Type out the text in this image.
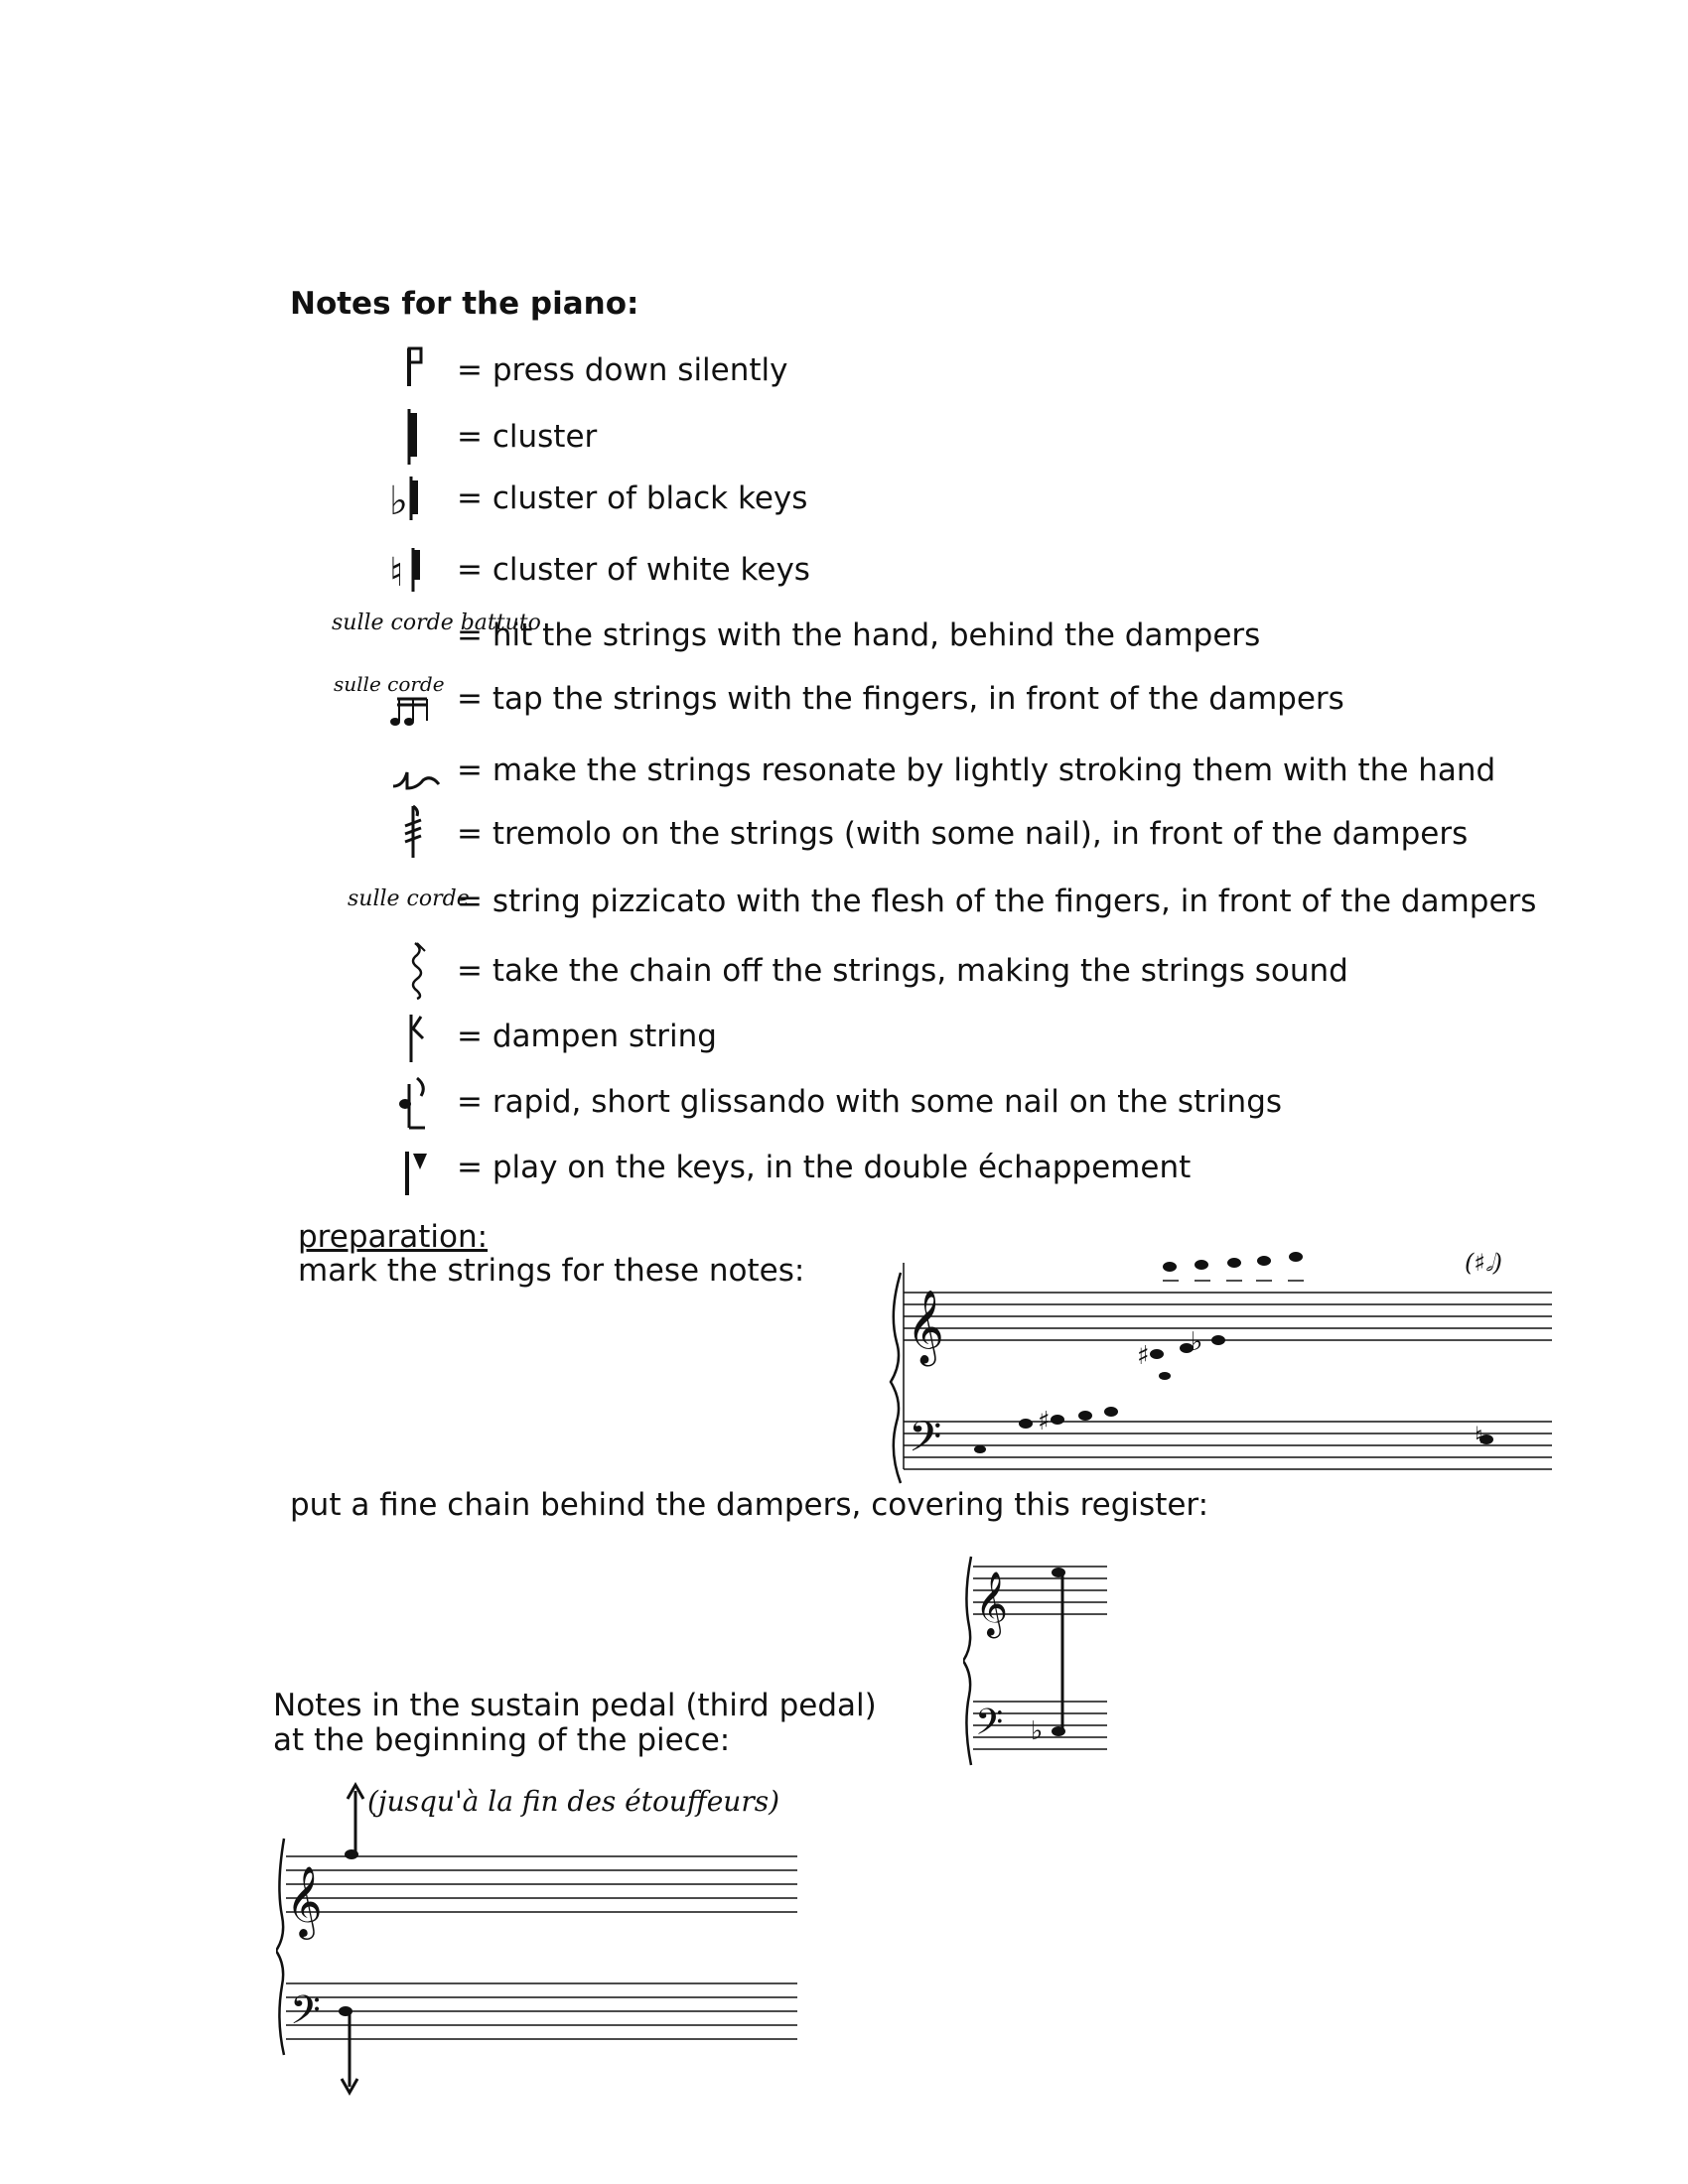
Notes for the piano:
= press down silently
= cluster
♭ = cluster of black keys
♮ = cluster of white keys
sulle corde battuto
= hit the strings with the hand, behind the dampers
sulle corde = tap the strings with the fingers, in front of the dampers
= make the strings resonate by lightly stroking them with the hand
= tremolo on the strings (with some nail), in front of the dampers
sulle corde
= string pizzicato with the flesh of the fingers, in front of the dampers
= take the chain off the strings, making the strings sound
= dampen string
= rapid, short glissando with some nail on the strings
= play on the keys, in the double échappement
preparation:
mark the strings for these notes:
𝄞
𝄢
♯ ♭
♯	♮
(♯𝅗𝅥)
put a fine chain behind the dampers, covering this register:
𝄞
𝄢 ♭
Notes in the sustain pedal (third pedal)
at the beginning of the piece:
𝄞
𝄢
(jusqu'à la fin des étouffeurs)
